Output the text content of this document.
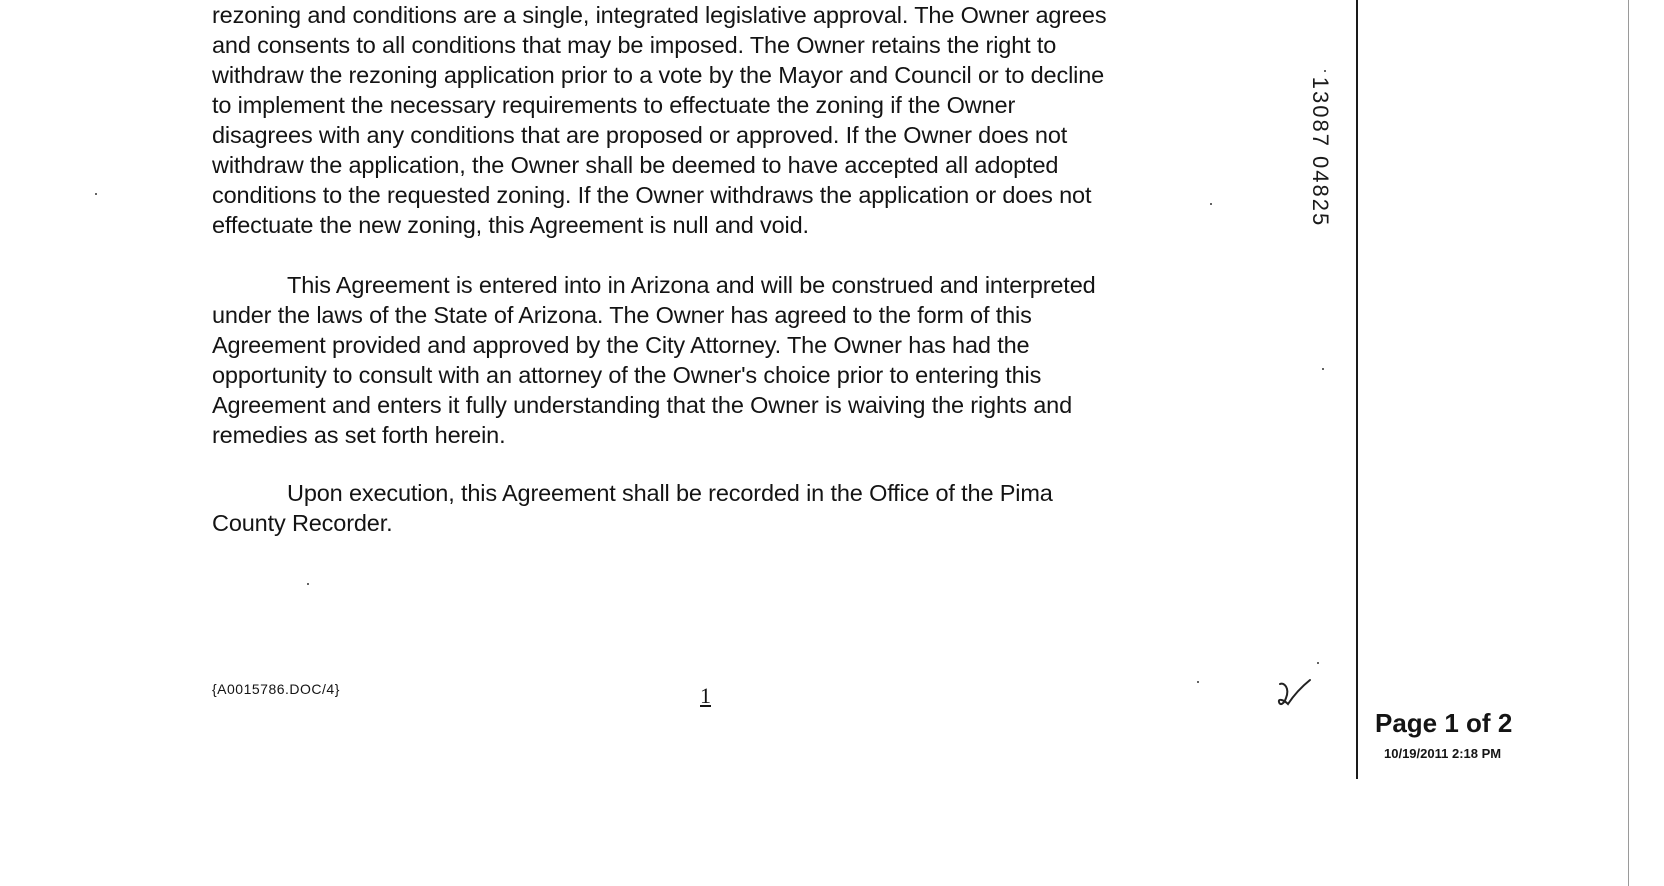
rezoning and conditions are a single, integrated legislative approval. The Owner agrees
and consents to all conditions that may be imposed. The Owner retains the right to
withdraw the rezoning application prior to a vote by the Mayor and Council or to decline
to implement the necessary requirements to effectuate the zoning if the Owner
disagrees with any conditions that are proposed or approved. If the Owner does not
withdraw the application, the Owner shall be deemed to have accepted all adopted
conditions to the requested zoning. If the Owner withdraws the application or does not
effectuate the new zoning, this Agreement is null and void.
This Agreement is entered into in Arizona and will be construed and interpreted
under the laws of the State of Arizona. The Owner has agreed to the form of this
Agreement provided and approved by the City Attorney. The Owner has had the
opportunity to consult with an attorney of the Owner's choice prior to entering this
Agreement and enters it fully understanding that the Owner is waiving the rights and
remedies as set forth herein.
Upon execution, this Agreement shall be recorded in the Office of the Pima
County Recorder.
{A0015786.DOC/4}	1
13087 04825
Page 1 of 2
10/19/2011 2:18 PM
